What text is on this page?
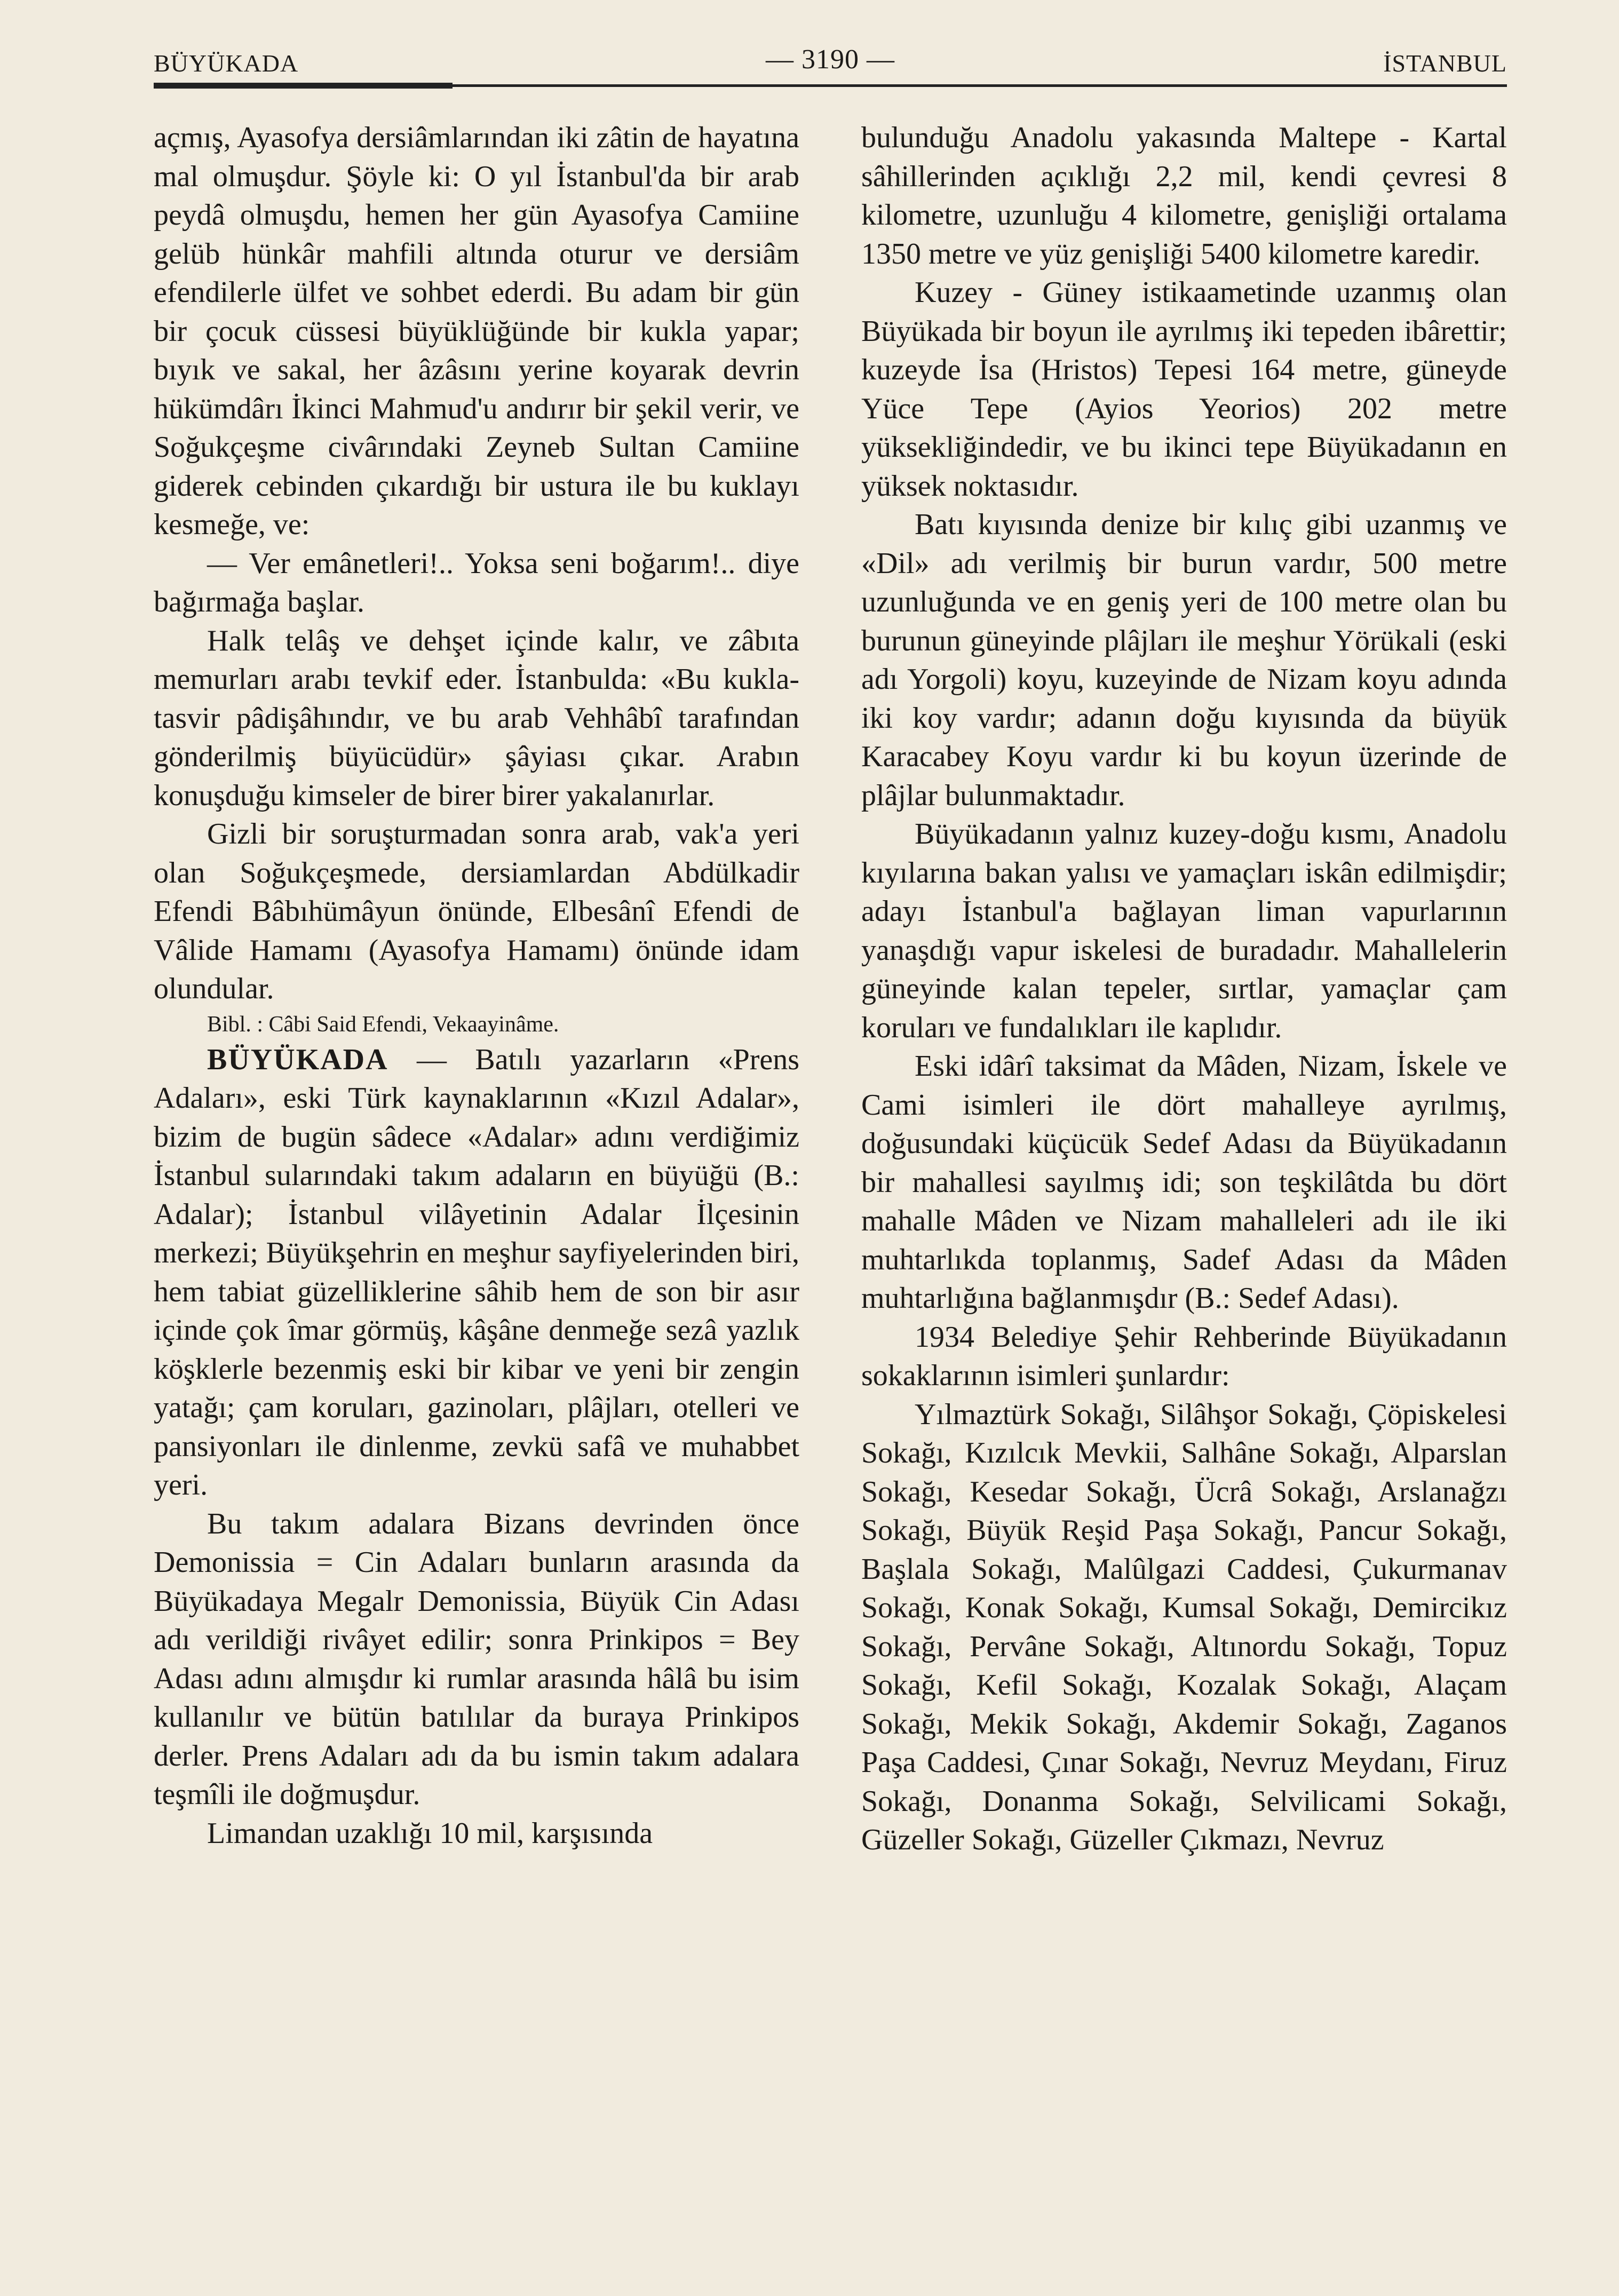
BÜYÜKADA	— 3190 —	İSTANBUL

açmış, Ayasofya dersiâmlarından iki zâtin de hayatına mal olmuşdur. Şöyle ki: O yıl İstanbul'da bir arab peydâ olmuşdu, hemen her gün Ayasofya Camiine gelüb hünkâr mahfili altında oturur ve dersiâm efendilerle ülfet ve sohbet ederdi. Bu adam bir gün bir çocuk cüssesi büyüklüğünde bir kukla yapar; bıyık ve sakal, her âzâsını yerine koyarak devrin hükümdârı İkinci Mahmud'u andırır bir şekil verir, ve Soğukçeşme civârındaki Zeyneb Sultan Camiine giderek cebinden çıkardığı bir ustura ile bu kuklayı kesmeğe, ve:

— Ver emânetleri!.. Yoksa seni boğarım!.. diye bağırmağa başlar.

Halk telâş ve dehşet içinde kalır, ve zâbıta memurları arabı tevkif eder. İstanbulda: «Bu kukla-tasvir pâdişâhındır, ve bu arab Vehhâbî tarafından gönderilmiş büyücüdür» şâyiası çıkar. Arabın konuşduğu kimseler de birer birer yakalanırlar.

Gizli bir soruşturmadan sonra arab, vak'a yeri olan Soğukçeşmede, dersiamlardan Abdülkadir Efendi Bâbıhümâyun önünde, Elbesânî Efendi de Vâlide Hamamı (Ayasofya Hamamı) önünde idam olundular.

Bibl. : Câbi Said Efendi, Vekaayinâme.

BÜYÜKADA — Batılı yazarların «Prens Adaları», eski Türk kaynaklarının «Kızıl Adalar», bizim de bugün sâdece «Adalar» adını verdiğimiz İstanbul sularındaki takım adaların en büyüğü (B.: Adalar); İstanbul vilâyetinin Adalar İlçesinin merkezi; Büyükşehrin en meşhur sayfiyelerinden biri, hem tabiat güzelliklerine sâhib hem de son bir asır içinde çok îmar görmüş, kâşâne denmeğe sezâ yazlık köşklerle bezenmiş eski bir kibar ve yeni bir zengin yatağı; çam koruları, gazinoları, plâjları, otelleri ve pansiyonları ile dinlenme, zevkü safâ ve muhabbet yeri.

Bu takım adalara Bizans devrinden önce Demonissia = Cin Adaları bunların arasında da Büyükadaya Megalr Demonissia, Büyük Cin Adası adı verildiği rivâyet edilir; sonra Prinkipos = Bey Adası adını almışdır ki rumlar arasında hâlâ bu isim kullanılır ve bütün batılılar da buraya Prinkipos derler. Prens Adaları adı da bu ismin takım adalara teşmîli ile doğmuşdur.

Limandan uzaklığı 10 mil, karşısında

bulunduğu Anadolu yakasında Maltepe - Kartal sâhillerinden açıklığı 2,2 mil, kendi çevresi 8 kilometre, uzunluğu 4 kilometre, genişliği ortalama 1350 metre ve yüz genişliği 5400 kilometre karedir.

Kuzey - Güney istikaametinde uzanmış olan Büyükada bir boyun ile ayrılmış iki tepeden ibârettir; kuzeyde İsa (Hristos) Tepesi 164 metre, güneyde Yüce Tepe (Ayios Yeorios) 202 metre yüksekliğindedir, ve bu ikinci tepe Büyükadanın en yüksek noktasıdır.

Batı kıyısında denize bir kılıç gibi uzanmış ve «Dil» adı verilmiş bir burun vardır, 500 metre uzunluğunda ve en geniş yeri de 100 metre olan bu burunun güneyinde plâjları ile meşhur Yörükali (eski adı Yorgoli) koyu, kuzeyinde de Nizam koyu adında iki koy vardır; adanın doğu kıyısında da büyük Karacabey Koyu vardır ki bu koyun üzerinde de plâjlar bulunmaktadır.

Büyükadanın yalnız kuzey-doğu kısmı, Anadolu kıyılarına bakan yalısı ve yamaçları iskân edilmişdir; adayı İstanbul'a bağlayan liman vapurlarının yanaşdığı vapur iskelesi de buradadır. Mahallelerin güneyinde kalan tepeler, sırtlar, yamaçlar çam koruları ve fundalıkları ile kaplıdır.

Eski idârî taksimat da Mâden, Nizam, İskele ve Cami isimleri ile dört mahalleye ayrılmış, doğusundaki küçücük Sedef Adası da Büyükadanın bir mahallesi sayılmış idi; son teşkilâtda bu dört mahalle Mâden ve Nizam mahalleleri adı ile iki muhtarlıkda toplanmış, Sadef Adası da Mâden muhtarlığına bağlanmışdır (B.: Sedef Adası).

1934 Belediye Şehir Rehberinde Büyükadanın sokaklarının isimleri şunlardır:

Yılmaztürk Sokağı, Silâhşor Sokağı, Çöpiskelesi Sokağı, Kızılcık Mevkii, Salhâne Sokağı, Alparslan Sokağı, Kesedar Sokağı, Ücrâ Sokağı, Arslanağzı Sokağı, Büyük Reşid Paşa Sokağı, Pancur Sokağı, Başlala Sokağı, Malûlgazi Caddesi, Çukurmanav Sokağı, Konak Sokağı, Kumsal Sokağı, Demircikız Sokağı, Pervâne Sokağı, Altınordu Sokağı, Topuz Sokağı, Kefil Sokağı, Kozalak Sokağı, Alaçam Sokağı, Mekik Sokağı, Akdemir Sokağı, Zaganos Paşa Caddesi, Çınar Sokağı, Nevruz Meydanı, Firuz Sokağı, Donanma Sokağı, Selvilicami Sokağı, Güzeller Sokağı, Güzeller Çıkmazı, Nevruz
